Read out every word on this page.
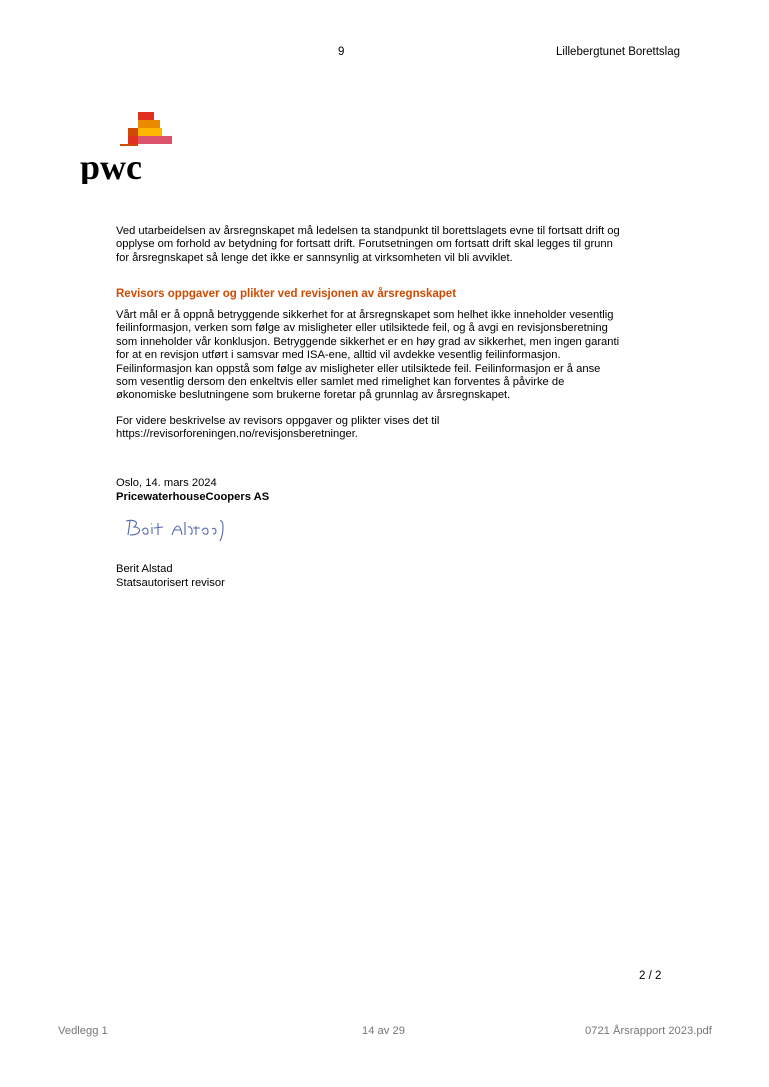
9	Lillebergtunet Borettslag
pwc
Ved utarbeidelsen av årsregnskapet må ledelsen ta standpunkt til borettslagets evne til fortsatt drift og
opplyse om forhold av betydning for fortsatt drift. Forutsetningen om fortsatt drift skal legges til grunn
for årsregnskapet så lenge det ikke er sannsynlig at virksomheten vil bli avviklet.
Revisors oppgaver og plikter ved revisjonen av årsregnskapet
Vårt mål er å oppnå betryggende sikkerhet for at årsregnskapet som helhet ikke inneholder vesentlig
feilinformasjon, verken som følge av misligheter eller utilsiktede feil, og å avgi en revisjonsberetning
som inneholder vår konklusjon. Betryggende sikkerhet er en høy grad av sikkerhet, men ingen garanti
for at en revisjon utført i samsvar med ISA-ene, alltid vil avdekke vesentlig feilinformasjon.
Feilinformasjon kan oppstå som følge av misligheter eller utilsiktede feil. Feilinformasjon er å anse
som vesentlig dersom den enkeltvis eller samlet med rimelighet kan forventes å påvirke de
økonomiske beslutningene som brukerne foretar på grunnlag av årsregnskapet.
For videre beskrivelse av revisors oppgaver og plikter vises det til
https://revisorforeningen.no/revisjonsberetninger.
Oslo, 14. mars 2024
PricewaterhouseCoopers AS
Berit Alstad
Statsautorisert revisor
2 / 2
Vedlegg 1	14 av 29	0721 Årsrapport 2023.pdf
